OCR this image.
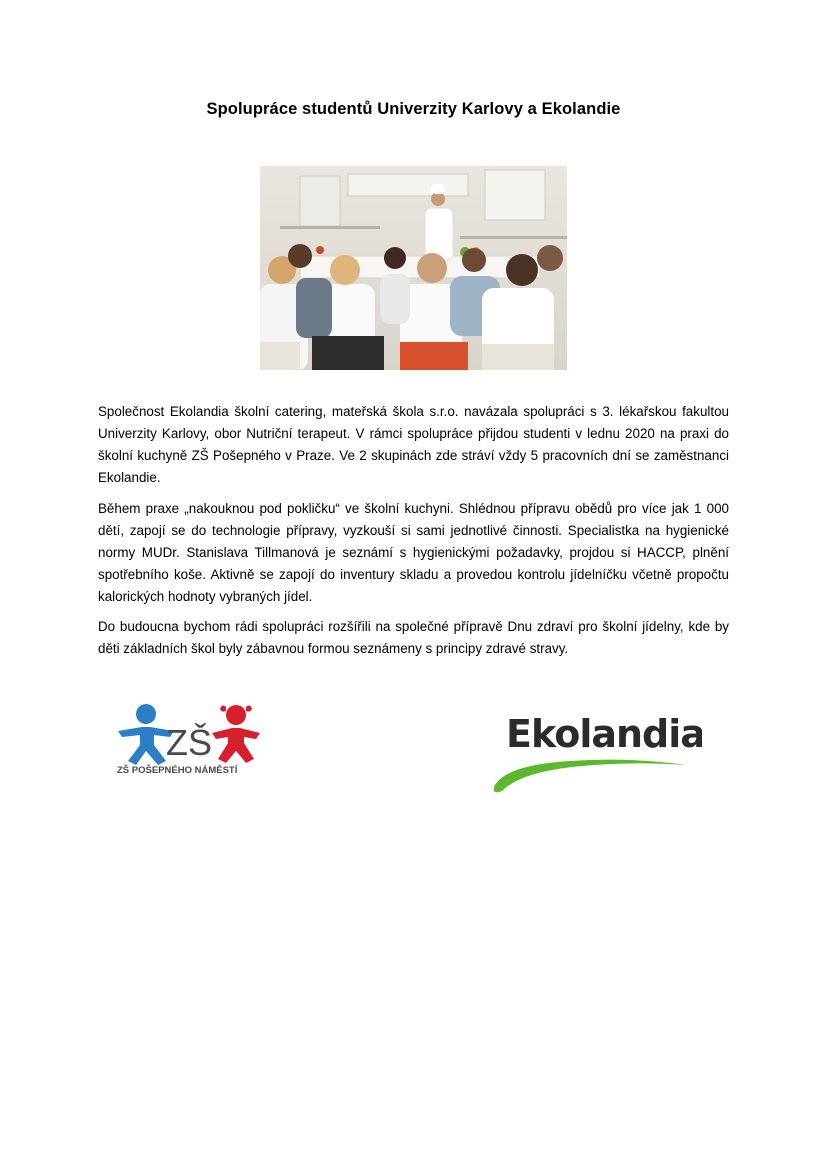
Spolupráce studentů Univerzity Karlovy a Ekolandie

Společnost Ekolandia školní catering, mateřská škola s.r.o. navázala spolupráci s 3. lékařskou fakultou Univerzity Karlovy, obor Nutriční terapeut. V rámci spolupráce přijdou studenti v lednu 2020 na praxi do školní kuchyně ZŠ Pošepného v Praze. Ve 2 skupinách zde stráví vždy 5 pracovních dní se zaměstnanci Ekolandie.

Během praxe „nakouknou pod pokličku“ ve školní kuchyni. Shlédnou přípravu obědů pro více jak 1 000 dětí, zapojí se do technologie přípravy, vyzkouší si sami jednotlivé činnosti. Specialistka na hygienické normy MUDr. Stanislava Tillmanová je seznámí s hygienickými požadavky, projdou si HACCP, plnění spotřebního koše. Aktivně se zapojí do inventury skladu a provedou kontrolu jídelníčku včetně propočtu kalorických hodnoty vybraných jídel.

Do budoucna bychom rádi spolupráci rozšířili na společné přípravě Dnu zdraví pro školní jídelny, kde by děti základních škol byly zábavnou formou seznámeny s principy zdravé stravy.

ZŠ
ZŠ POŠEPNÉHO NÁMĚSTÍ
Ekolandia
